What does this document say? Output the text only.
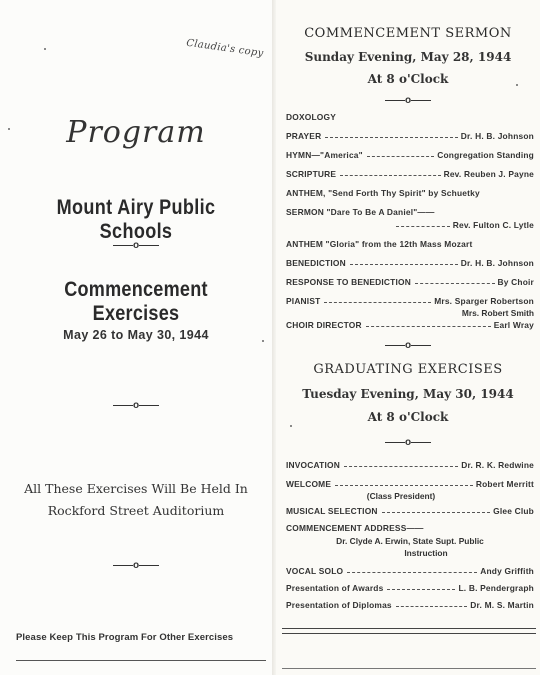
Claudia's copy
Program
Mount Airy Public Schools
——o——
Commencement Exercises
May 26 to May 30, 1944
——o——
All These Exercises Will Be Held In
Rockford Street Auditorium
——o——
Please Keep This Program For Other Exercises
COMMENCEMENT SERMON
Sunday Evening, May 28, 1944
At 8 o'Clock
——o——
DOXOLOGY
PRAYER	Dr. H. B. Johnson
HYMN—"America"	Congregation Standing
SCRIPTURE	Rev. Reuben J. Payne
ANTHEM, "Send Forth Thy Spirit" by Schuetky
SERMON "Dare To Be A Daniel"——
Rev. Fulton C. Lytle
ANTHEM "Gloria" from the 12th Mass Mozart
BENEDICTION	Dr. H. B. Johnson
RESPONSE TO BENEDICTION	By Choir
PIANIST	Mrs. Sparger Robertson
Mrs. Robert Smith
CHOIR DIRECTOR	Earl Wray
——o——
GRADUATING EXERCISES
Tuesday Evening, May 30, 1944
At 8 o'Clock
——o——
INVOCATION	Dr. R. K. Redwine
WELCOME	Robert Merritt
(Class President)
MUSICAL SELECTION	Glee Club
COMMENCEMENT ADDRESS——
Dr. Clyde A. Erwin, State Supt. Public
Instruction
VOCAL SOLO	Andy Griffith
Presentation of Awards	L. B. Pendergraph
Presentation of Diplomas	Dr. M. S. Martin
